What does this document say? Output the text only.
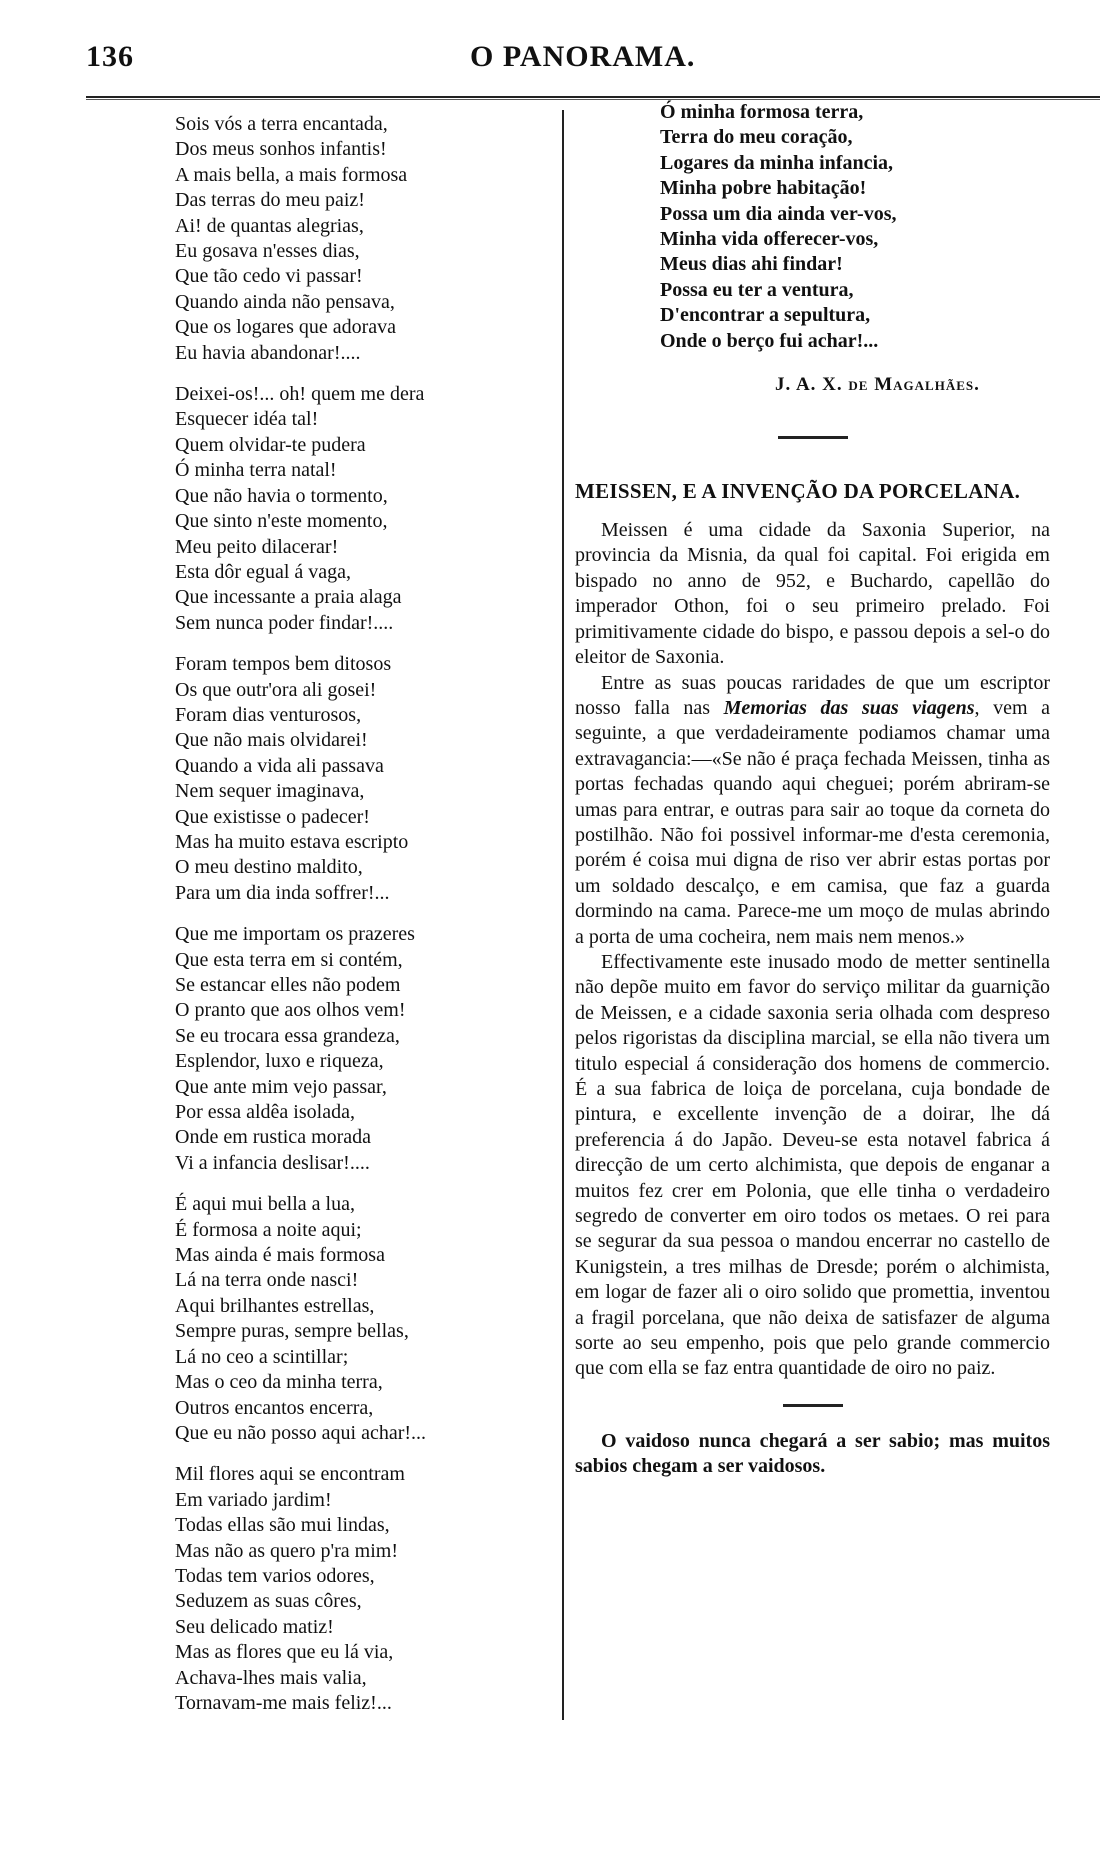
136	O PANORAMA.
Sois vós a terra encantada,
Dos meus sonhos infantis!
A mais bella, a mais formosa
Das terras do meu paiz!
Ai! de quantas alegrias,
Eu gosava n'esses dias,
Que tão cedo vi passar!
Quando ainda não pensava,
Que os logares que adorava
Eu havia abandonar!....
Deixei-os!... oh! quem me dera
Esquecer idéa tal!
Quem olvidar-te pudera
Ó minha terra natal!
Que não havia o tormento,
Que sinto n'este momento,
Meu peito dilacerar!
Esta dôr egual á vaga,
Que incessante a praia alaga
Sem nunca poder findar!....
Foram tempos bem ditosos
Os que outr'ora ali gosei!
Foram dias venturosos,
Que não mais olvidarei!
Quando a vida ali passava
Nem sequer imaginava,
Que existisse o padecer!
Mas ha muito estava escripto
O meu destino maldito,
Para um dia inda soffrer!...
Que me importam os prazeres
Que esta terra em si contém,
Se estancar elles não podem
O pranto que aos olhos vem!
Se eu trocara essa grandeza,
Esplendor, luxo e riqueza,
Que ante mim vejo passar,
Por essa aldêa isolada,
Onde em rustica morada
Vi a infancia deslisar!....
É aqui mui bella a lua,
É formosa a noite aqui;
Mas ainda é mais formosa
Lá na terra onde nasci!
Aqui brilhantes estrellas,
Sempre puras, sempre bellas,
Lá no ceo a scintillar;
Mas o ceo da minha terra,
Outros encantos encerra,
Que eu não posso aqui achar!...
Mil flores aqui se encontram
Em variado jardim!
Todas ellas são mui lindas,
Mas não as quero p'ra mim!
Todas tem varios odores,
Seduzem as suas côres,
Seu delicado matiz!
Mas as flores que eu lá via,
Achava-lhes mais valia,
Tornavam-me mais feliz!...
Ó minha formosa terra,
Terra do meu coração,
Logares da minha infancia,
Minha pobre habitação!
Possa um dia ainda ver-vos,
Minha vida offerecer-vos,
Meus dias ahi findar!
Possa eu ter a ventura,
D'encontrar a sepultura,
Onde o berço fui achar!...
J. A. X. de Magalhães.
MEISSEN, E A INVENÇÃO DA PORCELANA.

Meissen é uma cidade da Saxonia Superior, na provincia da Misnia, da qual foi capital. Foi erigida em bispado no anno de 952, e Buchardo, capellão do imperador Othon, foi o seu primeiro prelado. Foi primitivamente cidade do bispo, e passou depois a sel-o do eleitor de Saxonia.

Entre as suas poucas raridades de que um escriptor nosso falla nas Memorias das suas viagens, vem a seguinte, a que verdadeiramente podiamos chamar uma extravagancia:—«Se não é praça fechada Meissen, tinha as portas fechadas quando aqui cheguei; porém abriram-se umas para entrar, e outras para sair ao toque da corneta do postilhão. Não foi possivel informar-me d'esta ceremonia, porém é coisa mui digna de riso ver abrir estas portas por um soldado descalço, e em camisa, que faz a guarda dormindo na cama. Parece-me um moço de mulas abrindo a porta de uma cocheira, nem mais nem menos.»

Effectivamente este inusado modo de metter sentinella não depõe muito em favor do serviço militar da guarnição de Meissen, e a cidade saxonia seria olhada com despreso pelos rigoristas da disciplina marcial, se ella não tivera um titulo especial á consideração dos homens de commercio. É a sua fabrica de loiça de porcelana, cuja bondade de pintura, e excellente invenção de a doirar, lhe dá preferencia á do Japão. Deveu-se esta notavel fabrica á direcção de um certo alchimista, que depois de enganar a muitos fez crer em Polonia, que elle tinha o verdadeiro segredo de converter em oiro todos os metaes. O rei para se segurar da sua pessoa o mandou encerrar no castello de Kunigstein, a tres milhas de Dresde; porém o alchimista, em logar de fazer ali o oiro solido que promettia, inventou a fragil porcelana, que não deixa de satisfazer de alguma sorte ao seu empenho, pois que pelo grande commercio que com ella se faz entra quantidade de oiro no paiz.

O vaidoso nunca chegará a ser sabio; mas muitos sabios chegam a ser vaidosos.
